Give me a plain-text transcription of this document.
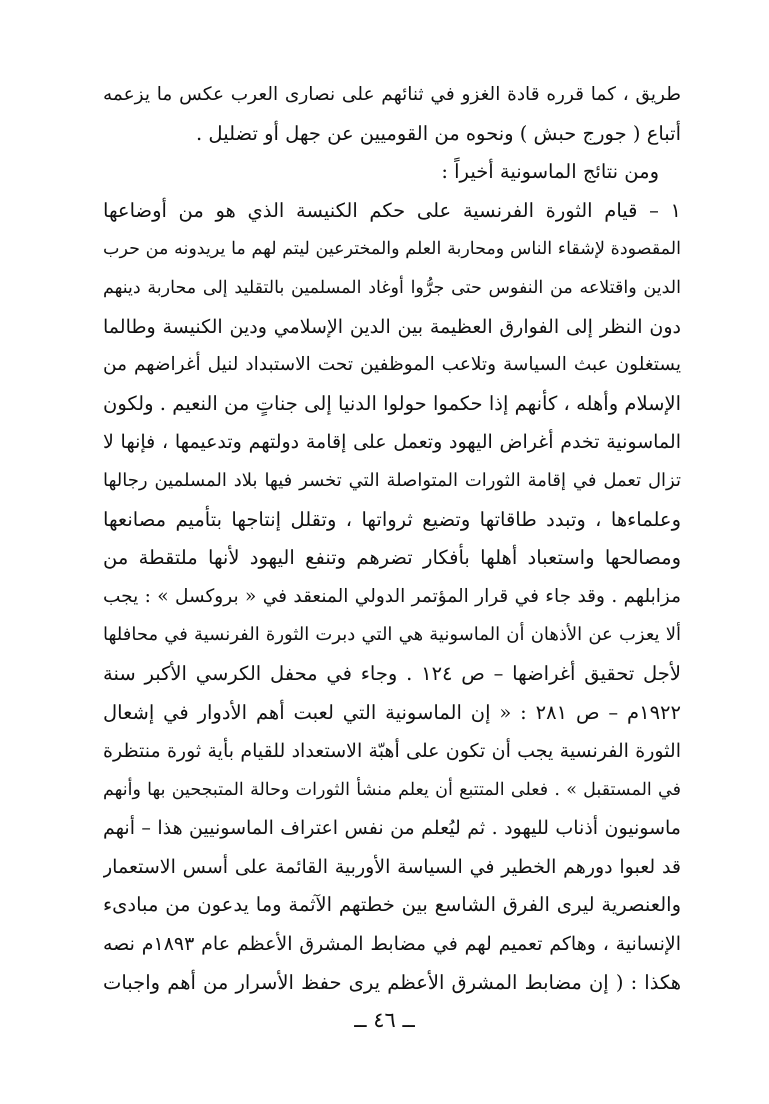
طريق ، كما قرره قادة الغزو في ثنائهم على نصارى العرب عكس ما يزعمه
أتباع ( جورج حبش ) ونحوه من القوميين عن جهل أو تضليل .
ومن نتائج الماسونية أخيراً :
١ – قيام الثورة الفرنسية على حكم الكنيسة الذي هو من أوضاعها
المقصودة لإشقاء الناس ومحاربة العلم والمخترعين ليتم لهم ما يريدونه من حرب
الدين واقتلاعه من النفوس حتى جرُّوا أوغاد المسلمين بالتقليد إلى محاربة دينهم
دون النظر إلى الفوارق العظيمة بين الدين الإسلامي ودين الكنيسة وطالما
يستغلون عبث السياسة وتلاعب الموظفين تحت الاستبداد لنيل أغراضهم من
الإسلام وأهله ، كأنهم إذا حكموا حولوا الدنيا إلى جناتٍ من النعيم . ولكون
الماسونية تخدم أغراض اليهود وتعمل على إقامة دولتهم وتدعيمها ، فإنها لا
تزال تعمل في إقامة الثورات المتواصلة التي تخسر فيها بلاد المسلمين رجالها
وعلماءها ، وتبدد طاقاتها وتضيع ثرواتها ، وتقلل إنتاجها بتأميم مصانعها
ومصالحها واستعباد أهلها بأفكار تضرهم وتنفع اليهود لأنها ملتقطة من
مزابلهم . وقد جاء في قرار المؤتمر الدولي المنعقد في « بروكسل » : يجب
ألا يعزب عن الأذهان أن الماسونية هي التي دبرت الثورة الفرنسية في محافلها
لأجل تحقيق أغراضها – ص ١٢٤ . وجاء في محفل الكرسي الأكبر سنة
١٩٢٢م – ص ٢٨١ : « إن الماسونية التي لعبت أهم الأدوار في إشعال
الثورة الفرنسية يجب أن تكون على أهبّة الاستعداد للقيام بأية ثورة منتظرة
في المستقبل » . فعلى المتتبع أن يعلم منشأ الثورات وحالة المتبجحين بها وأنهم
ماسونيون أذناب لليهود . ثم ليُعلم من نفس اعتراف الماسونيين هذا – أنهم
قد لعبوا دورهم الخطير في السياسة الأوربية القائمة على أسس الاستعمار
والعنصرية ليرى الفرق الشاسع بين خطتهم الآثمة وما يدعون من مبادىء
الإنسانية ، وهاكم تعميم لهم في مضابط المشرق الأعظم عام ١٨٩٣م نصه
هكذا : ( إن مضابط المشرق الأعظم يرى حفظ الأسرار من أهم واجبات
ــ ٤٦ ــ
